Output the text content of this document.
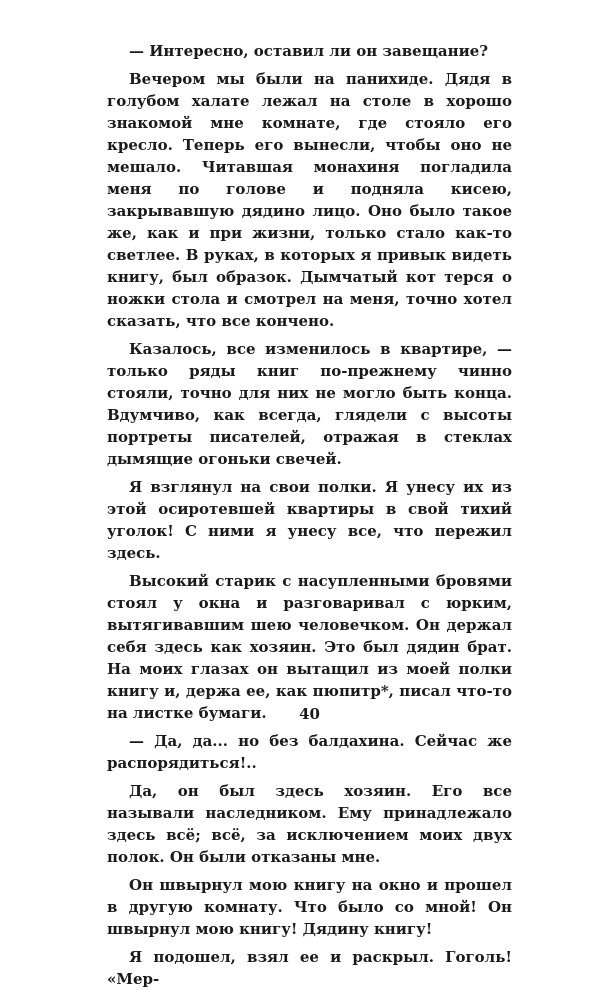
— Интересно, оставил ли он завещание?

Вечером мы были на панихиде. Дядя в голубом халате лежал на столе в хорошо знакомой мне комнате, где стояло его кресло. Теперь его вынесли, чтобы оно не мешало. Читавшая монахиня погладила меня по голове и подняла кисею, закрывавшую дядино лицо. Оно было такое же, как и при жизни, только стало как-то светлее. В руках, в которых я привык видеть книгу, был образок. Дымчатый кот терся о ножки стола и смотрел на меня, точно хотел сказать, что все кончено.

Казалось, все изменилось в квартире, — только ряды книг по-прежнему чинно стояли, точно для них не могло быть конца. Вдумчиво, как всегда, глядели с высоты портреты писателей, отражая в стеклах дымящие огоньки свечей.

Я взглянул на свои полки. Я унесу их из этой осиротевшей квартиры в свой тихий уголок! С ними я унесу все, что пережил здесь.

Высокий старик с насупленными бровями стоял у окна и разговаривал с юрким, вытягивавшим шею человечком. Он держал себя здесь как хозяин. Это был дядин брат. На моих глазах он вытащил из моей полки книгу и, держа ее, как пюпитр*, писал что-то на листке бумаги.

— Да, да... но без балдахина. Сейчас же распорядиться!..

Да, он был здесь хозяин. Его все называли наследником. Ему принадлежало здесь всё; всё, за исключением моих двух полок. Он были отказаны мне.

Он швырнул мою книгу на окно и прошел в другую комнату. Что было со мной! Он швырнул мою книгу! Дядину книгу!

Я подошел, взял ее и раскрыл. Гоголь! «Мер-

40
